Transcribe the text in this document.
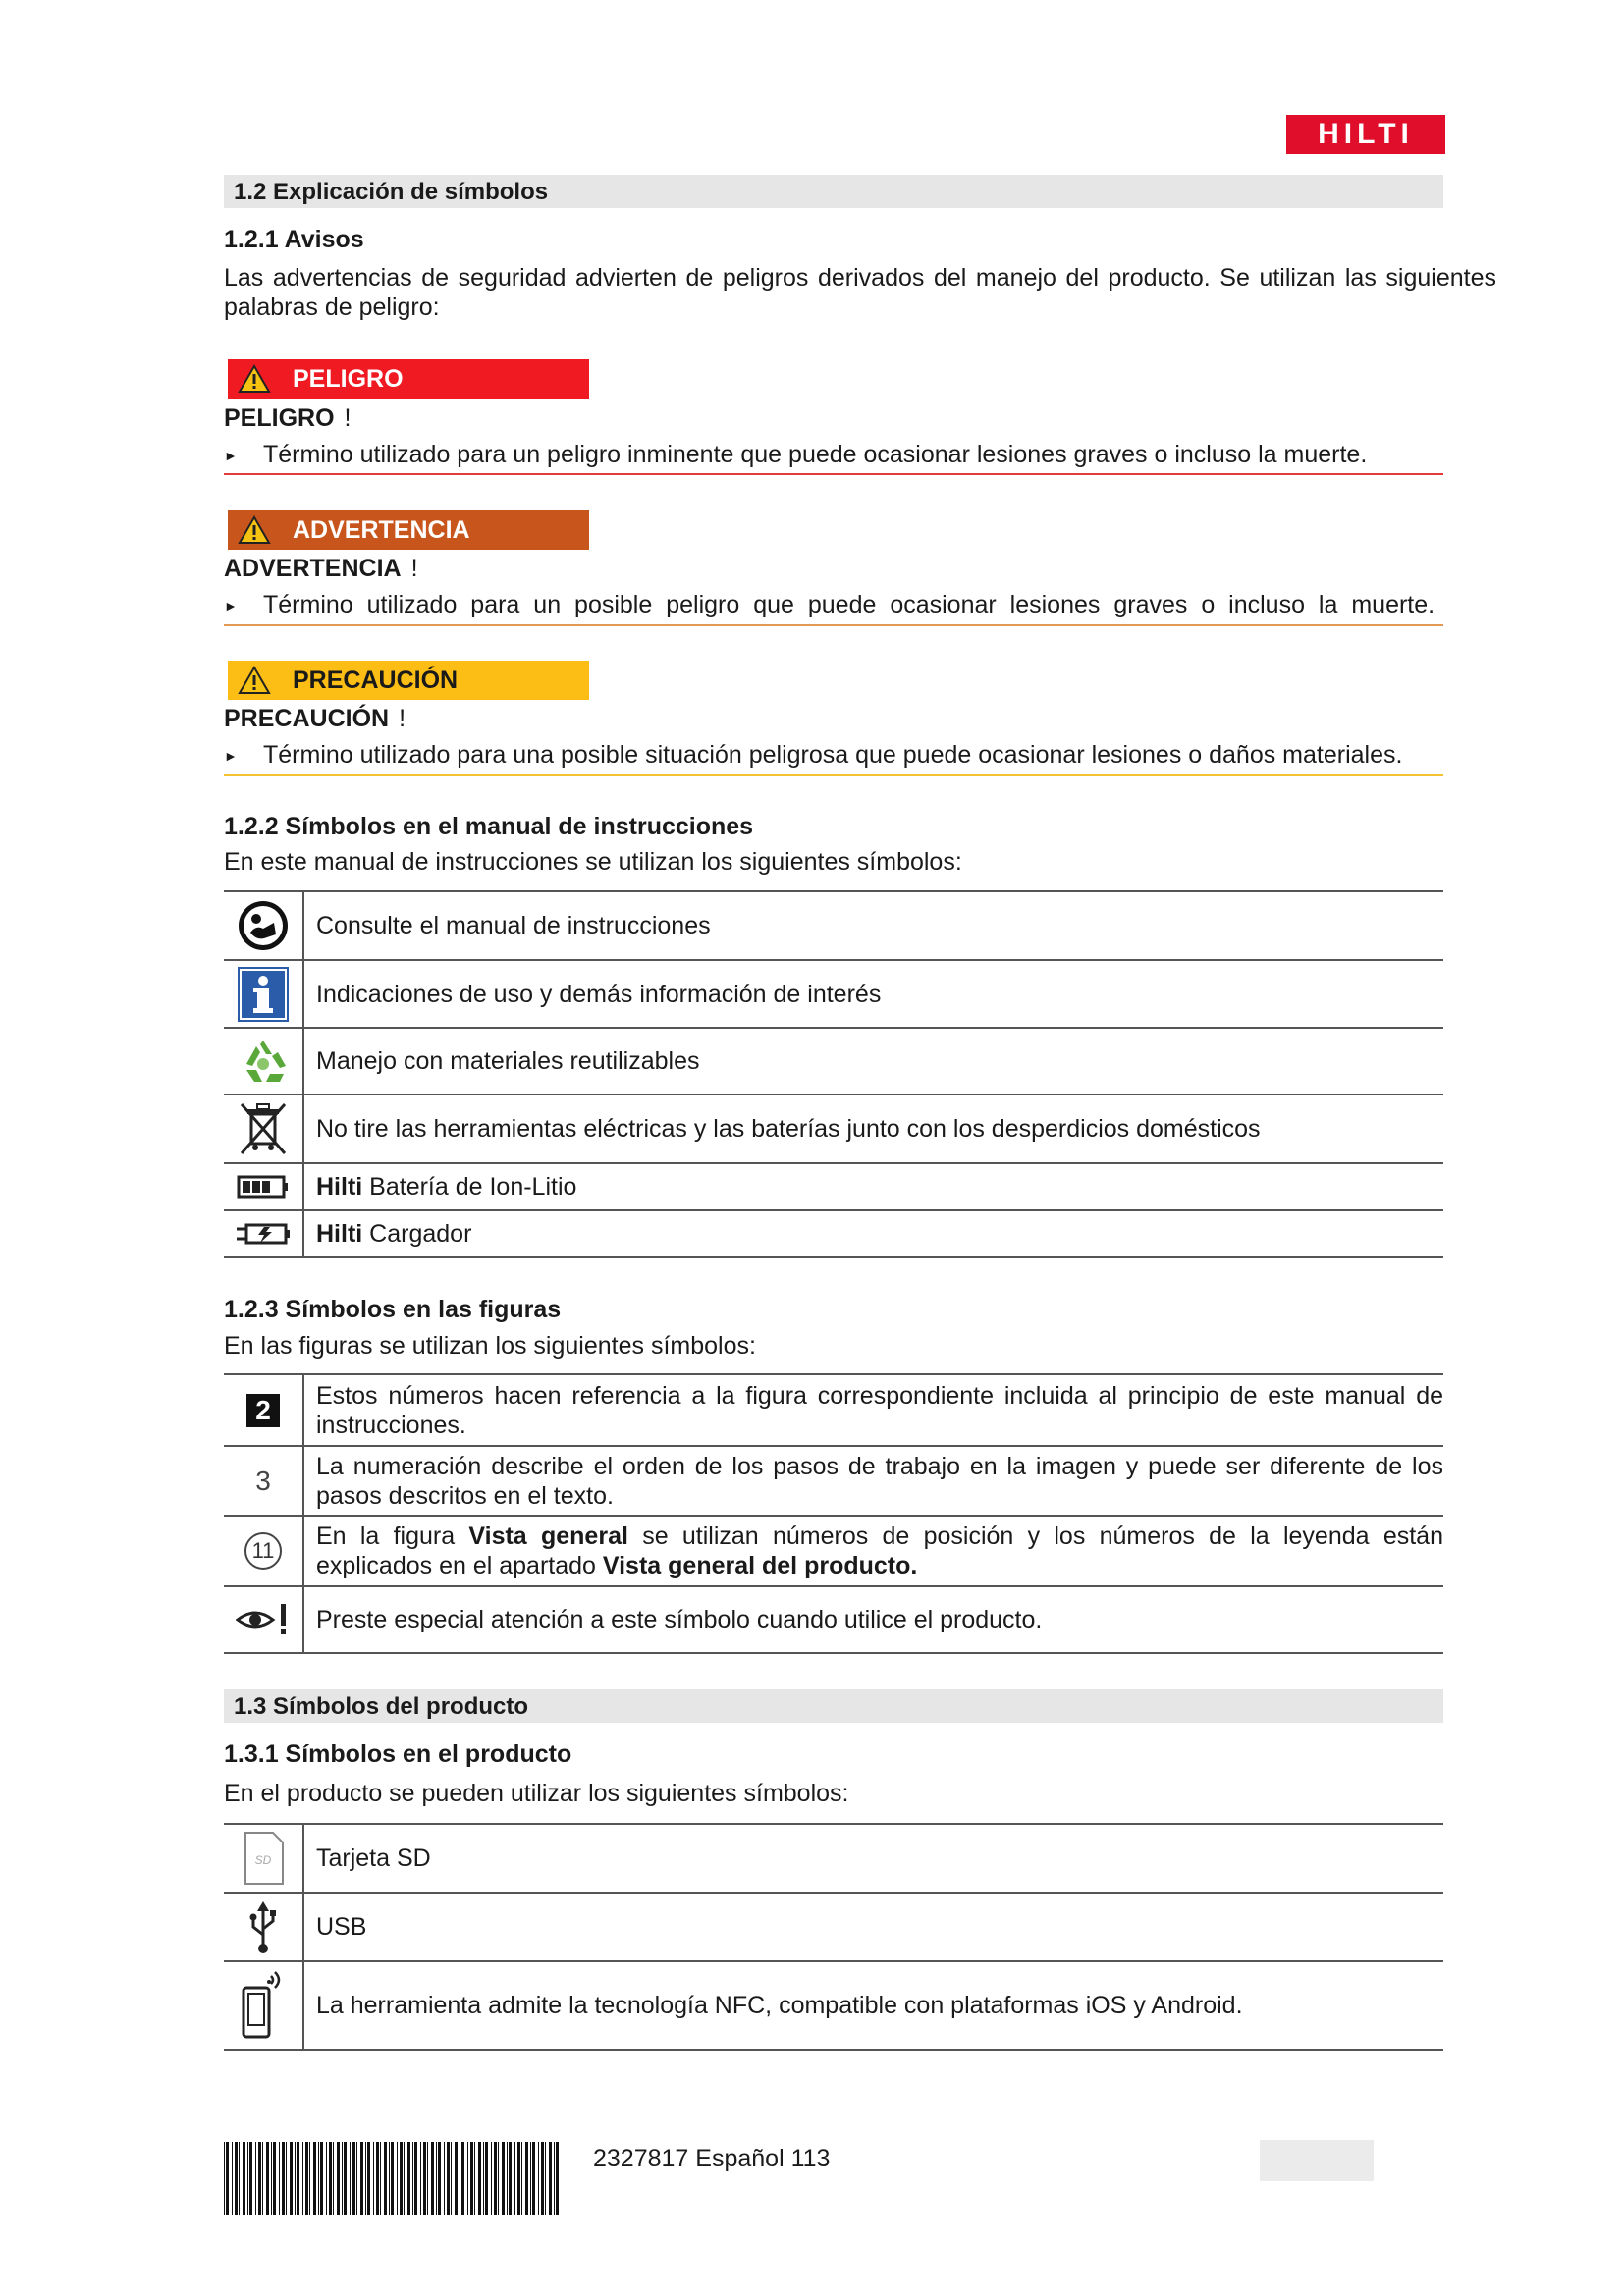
HILTI
1.2 Explicación de símbolos
1.2.1 Avisos
Las advertencias de seguridad advierten de peligros derivados del manejo del producto. Se utilizan las siguientes palabras de peligro:
PELIGRO
PELIGRO !
►	Término utilizado para un peligro inminente que puede ocasionar lesiones graves o incluso la muerte.
ADVERTENCIA
ADVERTENCIA !
►	Término utilizado para un posible peligro que puede ocasionar lesiones graves o incluso la muerte.
PRECAUCIÓN
PRECAUCIÓN !
►	Término utilizado para una posible situación peligrosa que puede ocasionar lesiones o daños materiales.
1.2.2 Símbolos en el manual de instrucciones
En este manual de instrucciones se utilizan los siguientes símbolos:
	Consulte el manual de instrucciones

	Indicaciones de uso y demás información de interés

	Manejo con materiales reutilizables

	No tire las herramientas eléctricas y las baterías junto con los desperdicios domésticos

	Hilti Batería de Ion-Litio

	Hilti Cargador
1.2.3 Símbolos en las figuras
En las figuras se utilizan los siguientes símbolos:
2	Estos números hacen referencia a la figura correspondiente incluida al principio de este manual de instrucciones.
3	La numeración describe el orden de los pasos de trabajo en la imagen y puede ser diferente de los pasos descritos en el texto.
11	En la figura Vista general se utilizan números de posición y los números de la leyenda están explicados en el apartado Vista general del producto.

	Preste especial atención a este símbolo cuando utilice el producto.
1.3 Símbolos del producto
1.3.1 Símbolos en el producto
En el producto se pueden utilizar los siguientes símbolos:
SD	Tarjeta SD

	USB

	La herramienta admite la tecnología NFC, compatible con plataformas iOS y Android.
2327817 Español 113
